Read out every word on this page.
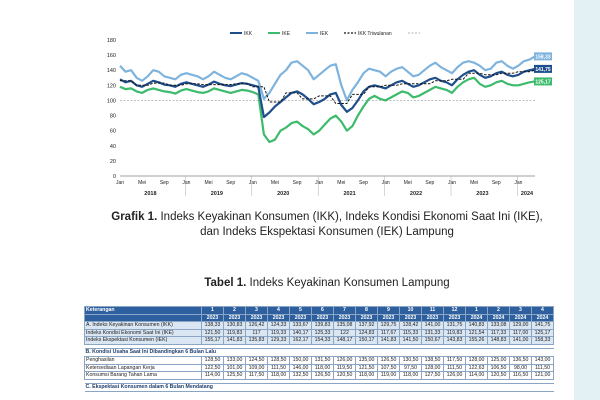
IKK	IKE	IEK	IKK Triwulanan
0
20
40
60
80
100
120
140
160
180
Jan	Mei	Sep	Jan	Mei	Sep	Jan	Mei	Sep	Jan	Mei	Sep	Jan	Mei	Sep	Jan	Mei	Sep	Jan
2018	2019	2020	2021	2022	2023	2024
158,33
141,75
125,17
Grafik 1. Indeks Keyakinan Konsumen (IKK), Indeks Kondisi Ekonomi Saat Ini (IKE),
dan Indeks Ekspektasi Konsumen (IEK) Lampung
Tabel 1. Indeks Keyakinan Konsumen Lampung
Keterangan	1	2	3	4	5	6	7	8	9	10	11	12	1	2	3	4
	2023	2023	2023	2023	2023	2023	2023	2023	2023	2023	2023	2023	2024	2024	2024	2024
A. Indeks Keyakinan Konsumen (IKK)	138,33	130,83	126,42	124,33	133,67	139,83	135,08	137,92	129,75	128,42	141,00	131,75	140,83	133,08	129,00	141,75
Indeks Kondisi Ekonomi Saat Ini (IKE)	121,50	119,83	117	119,33	140,17	125,33	122	124,83	117,67	115,33	131,33	119,83	121,54	117,33	117,00	125,17
Indeks Ekspektasi Konsumen (IEK)	155,17	141,83	135,83	129,33	162,17	154,33	148,17	150,17	141,83	141,50	150,67	143,83	155,26	148,83	141,00	158,33

B. Kondisi Usaha Saat Ini Dibandingkan 6 Bulan Lalu																
Penghasilan	128,50	133,00	124,50	128,50	150,00	131,50	126,00	135,00	126,50	130,50	138,50	117,50	128,00	125,00	136,50	143,00
Ketersediaan Lapangan Kerja	122,50	101,00	109,00	111,50	146,00	118,00	119,50	121,50	107,50	97,50	128,00	111,50	122,63	106,50	98,00	111,50
Konsumsi Barang Tahan Lama	114,00	125,50	117,50	118,00	132,50	126,50	120,50	118,00	119,00	118,00	127,50	126,00	114,00	120,50	116,50	121,00

C. Ekspektasi Konsumen dalam 6 Bulan Mendatang																
